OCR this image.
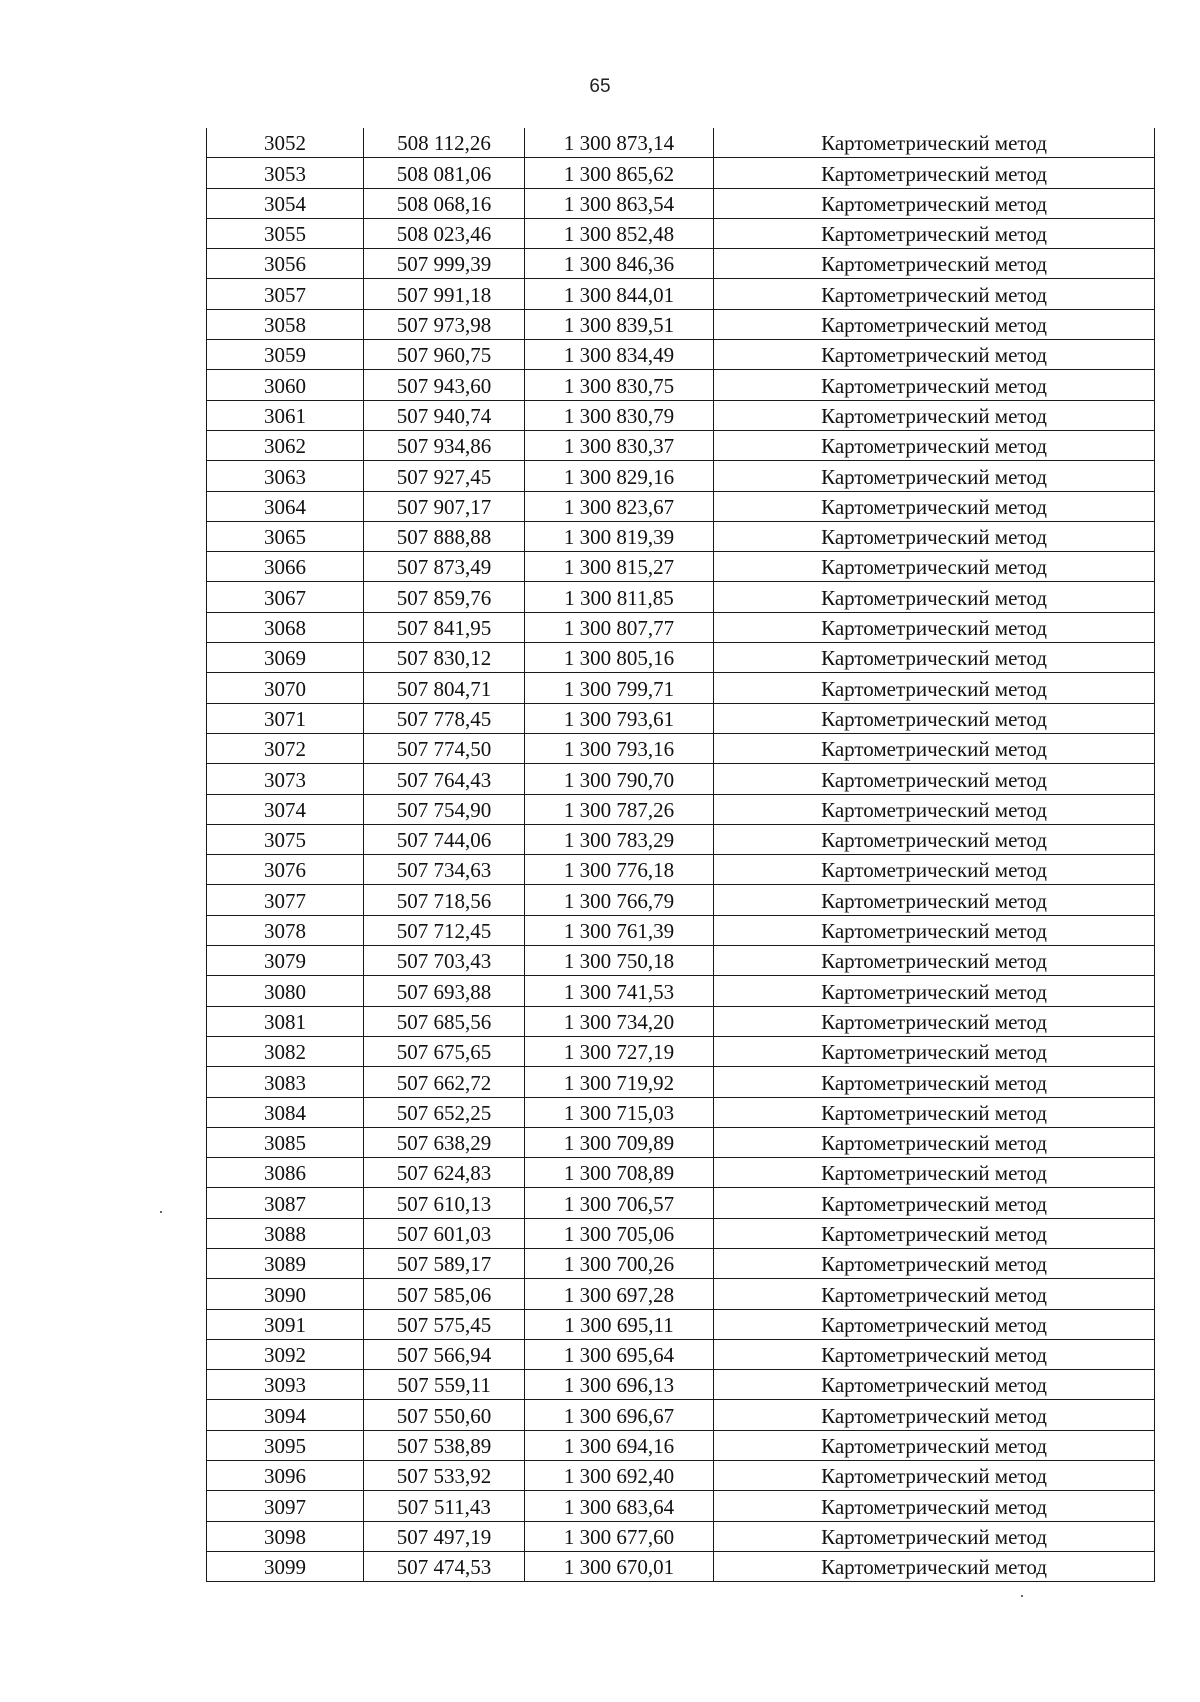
65
3052	508 112,26	1 300 873,14	Картометрический метод
3053	508 081,06	1 300 865,62	Картометрический метод
3054	508 068,16	1 300 863,54	Картометрический метод
3055	508 023,46	1 300 852,48	Картометрический метод
3056	507 999,39	1 300 846,36	Картометрический метод
3057	507 991,18	1 300 844,01	Картометрический метод
3058	507 973,98	1 300 839,51	Картометрический метод
3059	507 960,75	1 300 834,49	Картометрический метод
3060	507 943,60	1 300 830,75	Картометрический метод
3061	507 940,74	1 300 830,79	Картометрический метод
3062	507 934,86	1 300 830,37	Картометрический метод
3063	507 927,45	1 300 829,16	Картометрический метод
3064	507 907,17	1 300 823,67	Картометрический метод
3065	507 888,88	1 300 819,39	Картометрический метод
3066	507 873,49	1 300 815,27	Картометрический метод
3067	507 859,76	1 300 811,85	Картометрический метод
3068	507 841,95	1 300 807,77	Картометрический метод
3069	507 830,12	1 300 805,16	Картометрический метод
3070	507 804,71	1 300 799,71	Картометрический метод
3071	507 778,45	1 300 793,61	Картометрический метод
3072	507 774,50	1 300 793,16	Картометрический метод
3073	507 764,43	1 300 790,70	Картометрический метод
3074	507 754,90	1 300 787,26	Картометрический метод
3075	507 744,06	1 300 783,29	Картометрический метод
3076	507 734,63	1 300 776,18	Картометрический метод
3077	507 718,56	1 300 766,79	Картометрический метод
3078	507 712,45	1 300 761,39	Картометрический метод
3079	507 703,43	1 300 750,18	Картометрический метод
3080	507 693,88	1 300 741,53	Картометрический метод
3081	507 685,56	1 300 734,20	Картометрический метод
3082	507 675,65	1 300 727,19	Картометрический метод
3083	507 662,72	1 300 719,92	Картометрический метод
3084	507 652,25	1 300 715,03	Картометрический метод
3085	507 638,29	1 300 709,89	Картометрический метод
3086	507 624,83	1 300 708,89	Картометрический метод
3087	507 610,13	1 300 706,57	Картометрический метод
3088	507 601,03	1 300 705,06	Картометрический метод
3089	507 589,17	1 300 700,26	Картометрический метод
3090	507 585,06	1 300 697,28	Картометрический метод
3091	507 575,45	1 300 695,11	Картометрический метод
3092	507 566,94	1 300 695,64	Картометрический метод
3093	507 559,11	1 300 696,13	Картометрический метод
3094	507 550,60	1 300 696,67	Картометрический метод
3095	507 538,89	1 300 694,16	Картометрический метод
3096	507 533,92	1 300 692,40	Картометрический метод
3097	507 511,43	1 300 683,64	Картометрический метод
3098	507 497,19	1 300 677,60	Картометрический метод
3099	507 474,53	1 300 670,01	Картометрический метод
